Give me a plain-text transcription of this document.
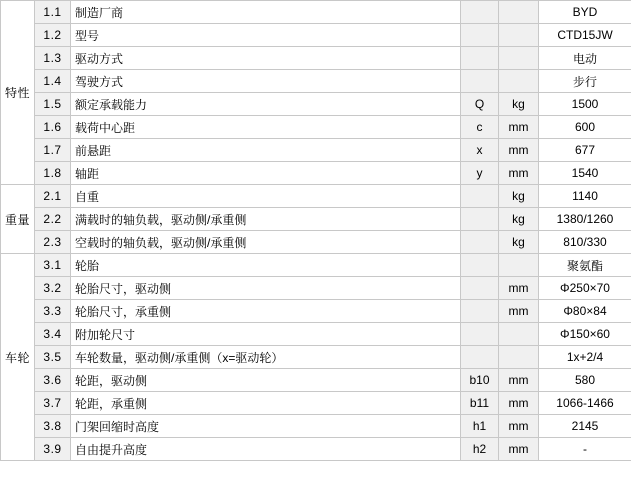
特性	1.1	制造厂商			BYD
	1.2	型号			CTD15JW
	1.3	驱动方式			电动
	1.4	驾驶方式			步行
	1.5	额定承载能力	Q	kg	1500
	1.6	载荷中心距	c	mm	600
	1.7	前悬距	x	mm	677
	1.8	轴距	y	mm	1540
重量	2.1	自重		kg	1140
	2.2	满载时的轴负载，驱动侧/承重侧		kg	1380/1260
	2.3	空载时的轴负载，驱动侧/承重侧		kg	810/330
车轮	3.1	轮胎			聚氨酯
	3.2	轮胎尺寸，驱动侧		mm	Φ250×70
	3.3	轮胎尺寸，承重侧		mm	Φ80×84
	3.4	附加轮尺寸			Φ150×60
	3.5	车轮数量，驱动侧/承重侧（x=驱动轮）			1x+2/4
	3.6	轮距，驱动侧	b10	mm	580
	3.7	轮距，承重侧	b11	mm	1066-1466
	3.8	门架回缩时高度	h1	mm	2145
	3.9	自由提升高度	h2	mm	-
